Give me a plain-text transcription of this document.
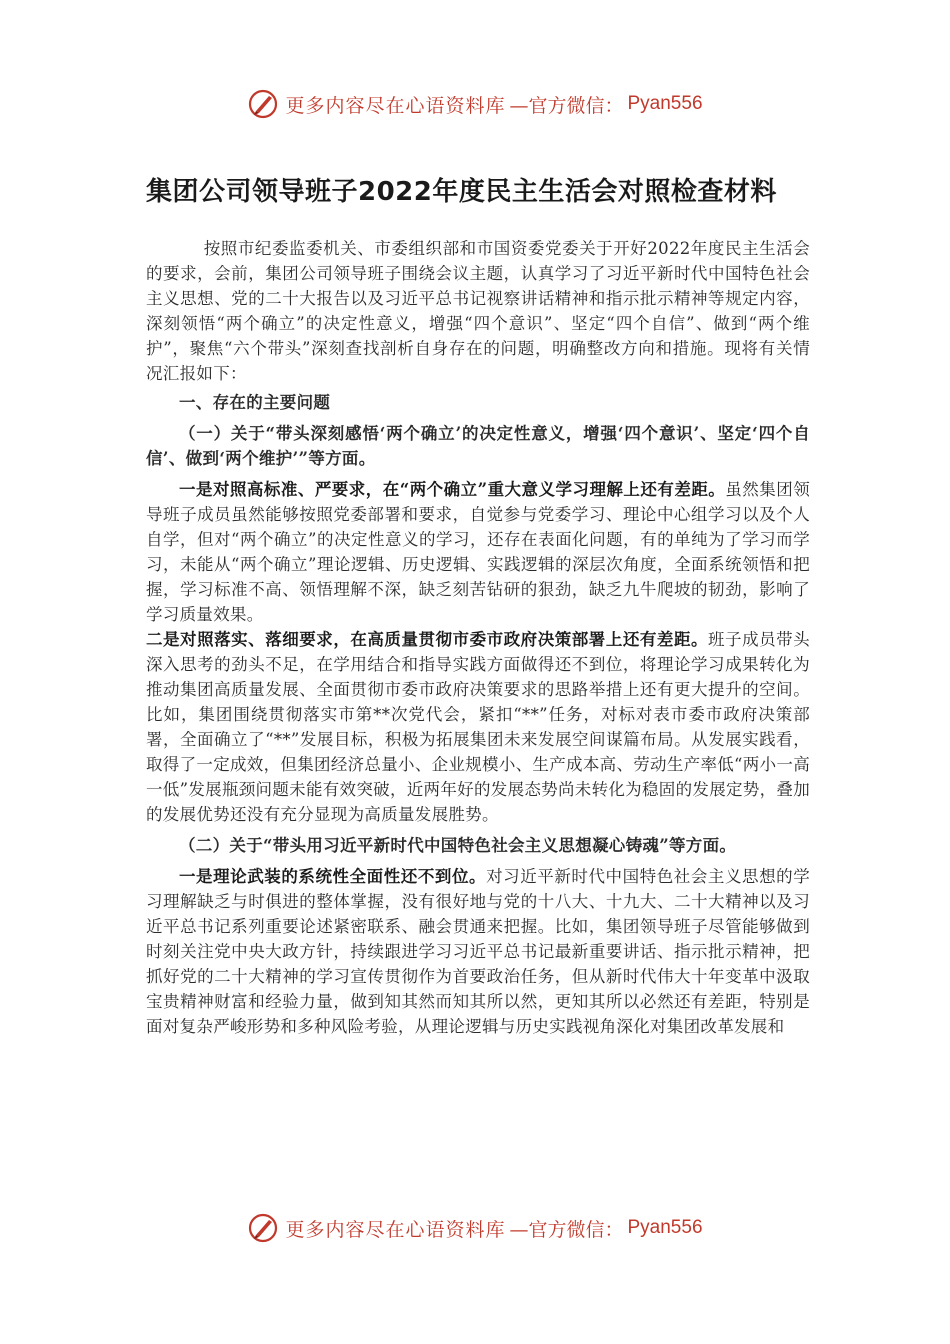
更多内容尽在心语资料库 —官方微信： Pyan556
集团公司领导班子2022年度民主生活会对照检查材料

按照市纪委监委机关、市委组织部和市国资委党委关于开好2022年度民主生活会的要求，会前，集团公司领导班子围绕会议主题，认真学习了习近平新时代中国特色社会主义思想、党的二十大报告以及习近平总书记视察讲话精神和指示批示精神等规定内容，深刻领悟“两个确立”的决定性意义，增强“四个意识”、坚定“四个自信”、做到“两个维护”，聚焦“六个带头”深刻查找剖析自身存在的问题，明确整改方向和措施。现将有关情况汇报如下：

一、存在的主要问题

（一）关于“带头深刻感悟‘两个确立’的决定性意义，增强‘四个意识’、坚定‘四个自信’、做到‘两个维护’”等方面。

一是对照高标准、严要求，在“两个确立”重大意义学习理解上还有差距。虽然集团领导班子成员虽然能够按照党委部署和要求，自觉参与党委学习、理论中心组学习以及个人自学，但对“两个确立”的决定性意义的学习，还存在表面化问题，有的单纯为了学习而学习，未能从“两个确立”理论逻辑、历史逻辑、实践逻辑的深层次角度，全面系统领悟和把握，学习标准不高、领悟理解不深，缺乏刻苦钻研的狠劲，缺乏九牛爬坡的韧劲，影响了学习质量效果。

二是对照落实、落细要求，在高质量贯彻市委市政府决策部署上还有差距。班子成员带头深入思考的劲头不足，在学用结合和指导实践方面做得还不到位，将理论学习成果转化为推动集团高质量发展、全面贯彻市委市政府决策要求的思路举措上还有更大提升的空间。比如，集团围绕贯彻落实市第**次党代会，紧扣“**”任务，对标对表市委市政府决策部署，全面确立了“**”发展目标，积极为拓展集团未来发展空间谋篇布局。从发展实践看，取得了一定成效，但集团经济总量小、企业规模小、生产成本高、劳动生产率低“两小一高一低”发展瓶颈问题未能有效突破，近两年好的发展态势尚未转化为稳固的发展定势，叠加的发展优势还没有充分显现为高质量发展胜势。

（二）关于“带头用习近平新时代中国特色社会主义思想凝心铸魂”等方面。

一是理论武装的系统性全面性还不到位。对习近平新时代中国特色社会主义思想的学习理解缺乏与时俱进的整体掌握，没有很好地与党的十八大、十九大、二十大精神以及习近平总书记系列重要论述紧密联系、融会贯通来把握。比如，集团领导班子尽管能够做到时刻关注党中央大政方针，持续跟进学习习近平总书记最新重要讲话、指示批示精神，把抓好党的二十大精神的学习宣传贯彻作为首要政治任务，但从新时代伟大十年变革中汲取宝贵精神财富和经验力量，做到知其然而知其所以然，更知其所以必然还有差距，特别是面对复杂严峻形势和多种风险考验，从理论逻辑与历史实践视角深化对集团改革发展和

更多内容尽在心语资料库 —官方微信： Pyan556
